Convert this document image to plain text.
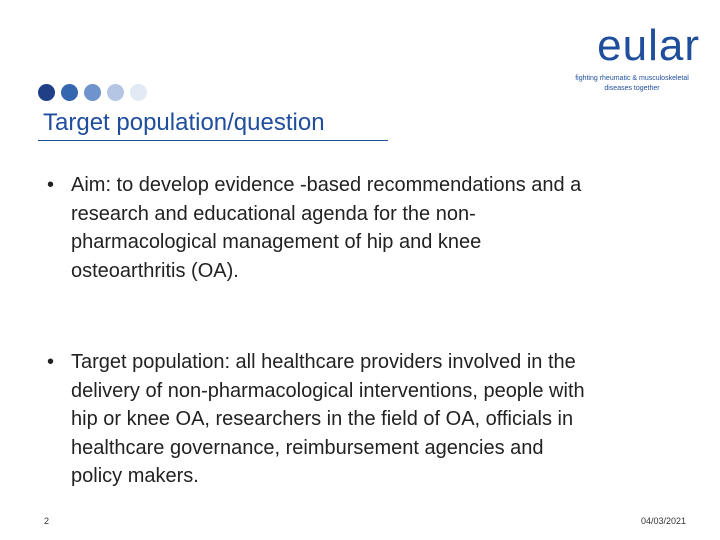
eular
fighting rheumatic & musculoskeletal
diseases together
Target population/question
• Aim: to develop evidence -based recommendations and a
research and educational agenda for the non-
pharmacological management of hip and knee
osteoarthritis (OA).
• Target population: all healthcare providers involved in the
delivery of non-pharmacological interventions, people with
hip or knee OA, researchers in the field of OA, officials in
healthcare governance, reimbursement agencies and
policy makers.
2	04/03/2021
